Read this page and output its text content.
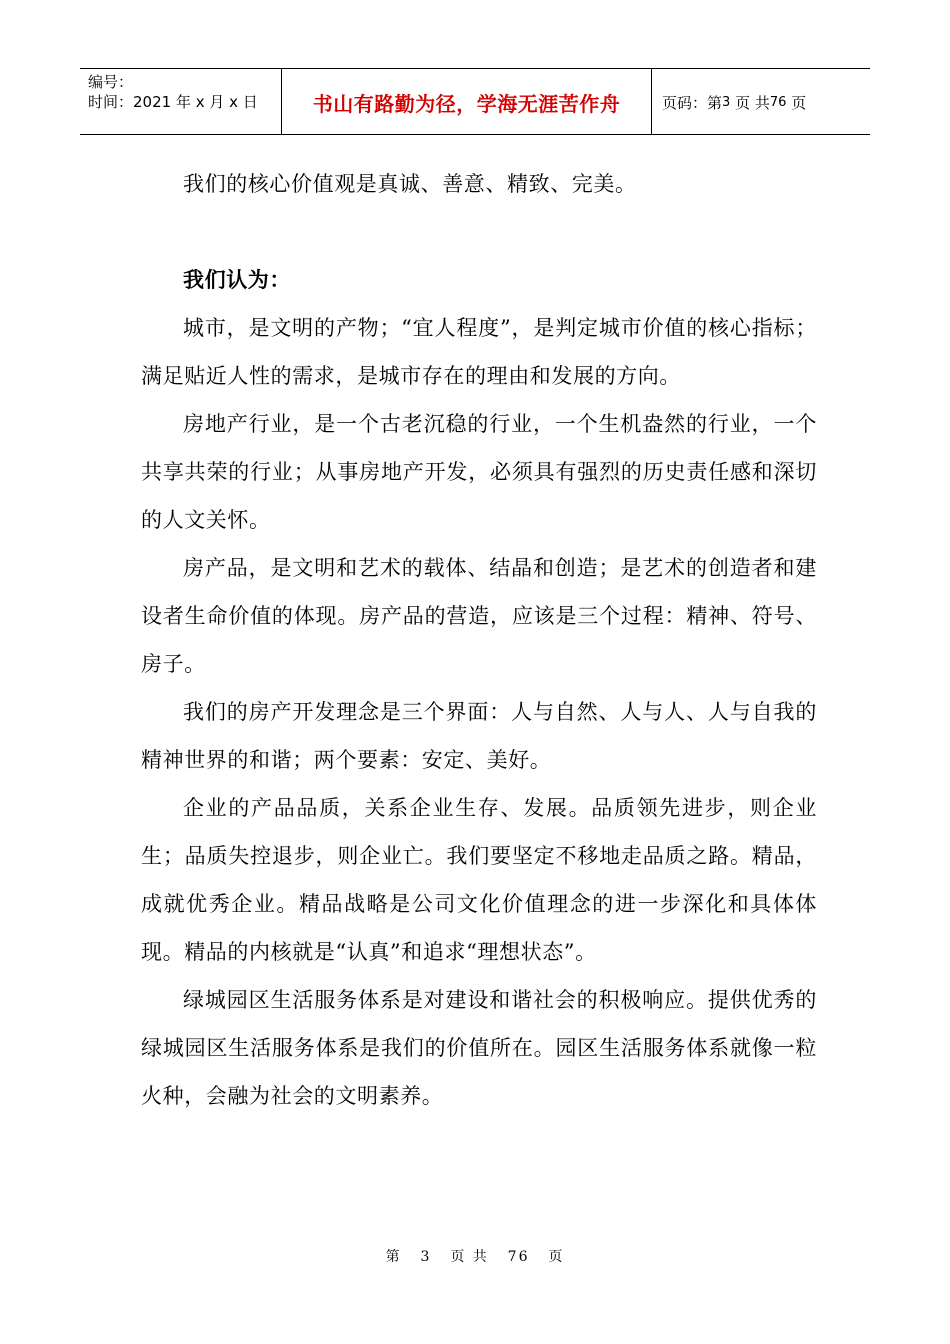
编号：
时间：2021 年 x 月 x 日	书山有路勤为径，学海无涯苦作舟	页码：第 3
页 共 76
页

我们的核心价值观是真诚、善意、精致、完美。

我们认为：

城市，是文明的产物；“宜人程度”，是判定城市价值的核心指标；满足贴近人性的需求，是城市存在的理由和发展的方向。

房地产行业，是一个古老沉稳的行业，一个生机盎然的行业，一个共享共荣的行业；从事房地产开发，必须具有强烈的历史责任感和深切的人文关怀。

房产品，是文明和艺术的载体、结晶和创造；是艺术的创造者和建设者生命价值的体现。房产品的营造，应该是三个过程：精神、符号、房子。

我们的房产开发理念是三个界面：人与自然、人与人、人与自我的精神世界的和谐；两个要素：安定、美好。

企业的产品品质，关系企业生存、发展。品质领先进步，则企业生；品质失控退步，则企业亡。我们要坚定不移地走品质之路。精品，成就优秀企业。精品战略是公司文化价值理念的进一步深化和具体体现。精品的内核就是“认真”和追求“理想状态”。

绿城园区生活服务体系是对建设和谐社会的积极响应。提供优秀的绿城园区生活服务体系是我们的价值所在。园区生活服务体系就像一粒火种，会融为社会的文明素养。

第 3 页 共 76 页
